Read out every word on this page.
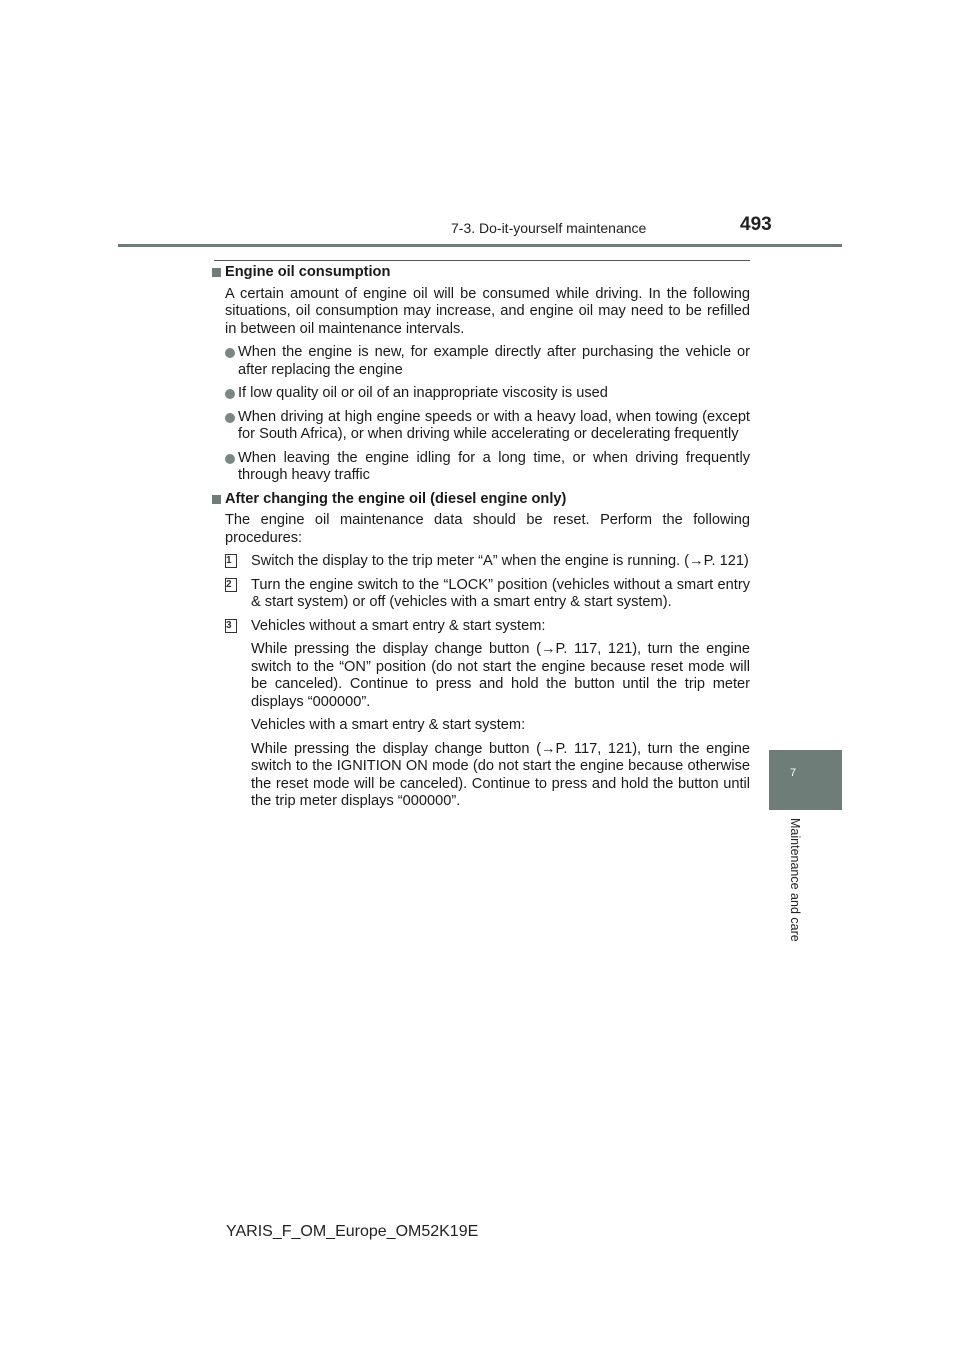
7-3. Do-it-yourself maintenance	493
7
Maintenance and care

Engine oil consumption

A certain amount of engine oil will be consumed while driving. In the following situations, oil consumption may increase, and engine oil may need to be refilled in between oil maintenance intervals.

When the engine is new, for example directly after purchasing the vehicle or after replacing the engine
If low quality oil or oil of an inappropriate viscosity is used
When driving at high engine speeds or with a heavy load, when towing (except for South Africa), or when driving while accelerating or decelerating frequently
When leaving the engine idling for a long time, or when driving frequently through heavy traffic

After changing the engine oil (diesel engine only)

The engine oil maintenance data should be reset. Perform the following procedures:

1	Switch the display to the trip meter “A” when the engine is running. (→P. 121)
2	Turn the engine switch to the “LOCK” position (vehicles without a smart entry & start system) or off (vehicles with a smart entry & start system).
3	Vehicles without a smart entry & start system:

While pressing the display change button (→P. 117, 121), turn the engine switch to the “ON” position (do not start the engine because reset mode will be canceled). Continue to press and hold the button until the trip meter displays “000000”.

Vehicles with a smart entry & start system:

While pressing the display change button (→P. 117, 121), turn the engine switch to the IGNITION ON mode (do not start the engine because otherwise the reset mode will be canceled). Continue to press and hold the button until the trip meter displays “000000”.

YARIS_F_OM_Europe_OM52K19E
